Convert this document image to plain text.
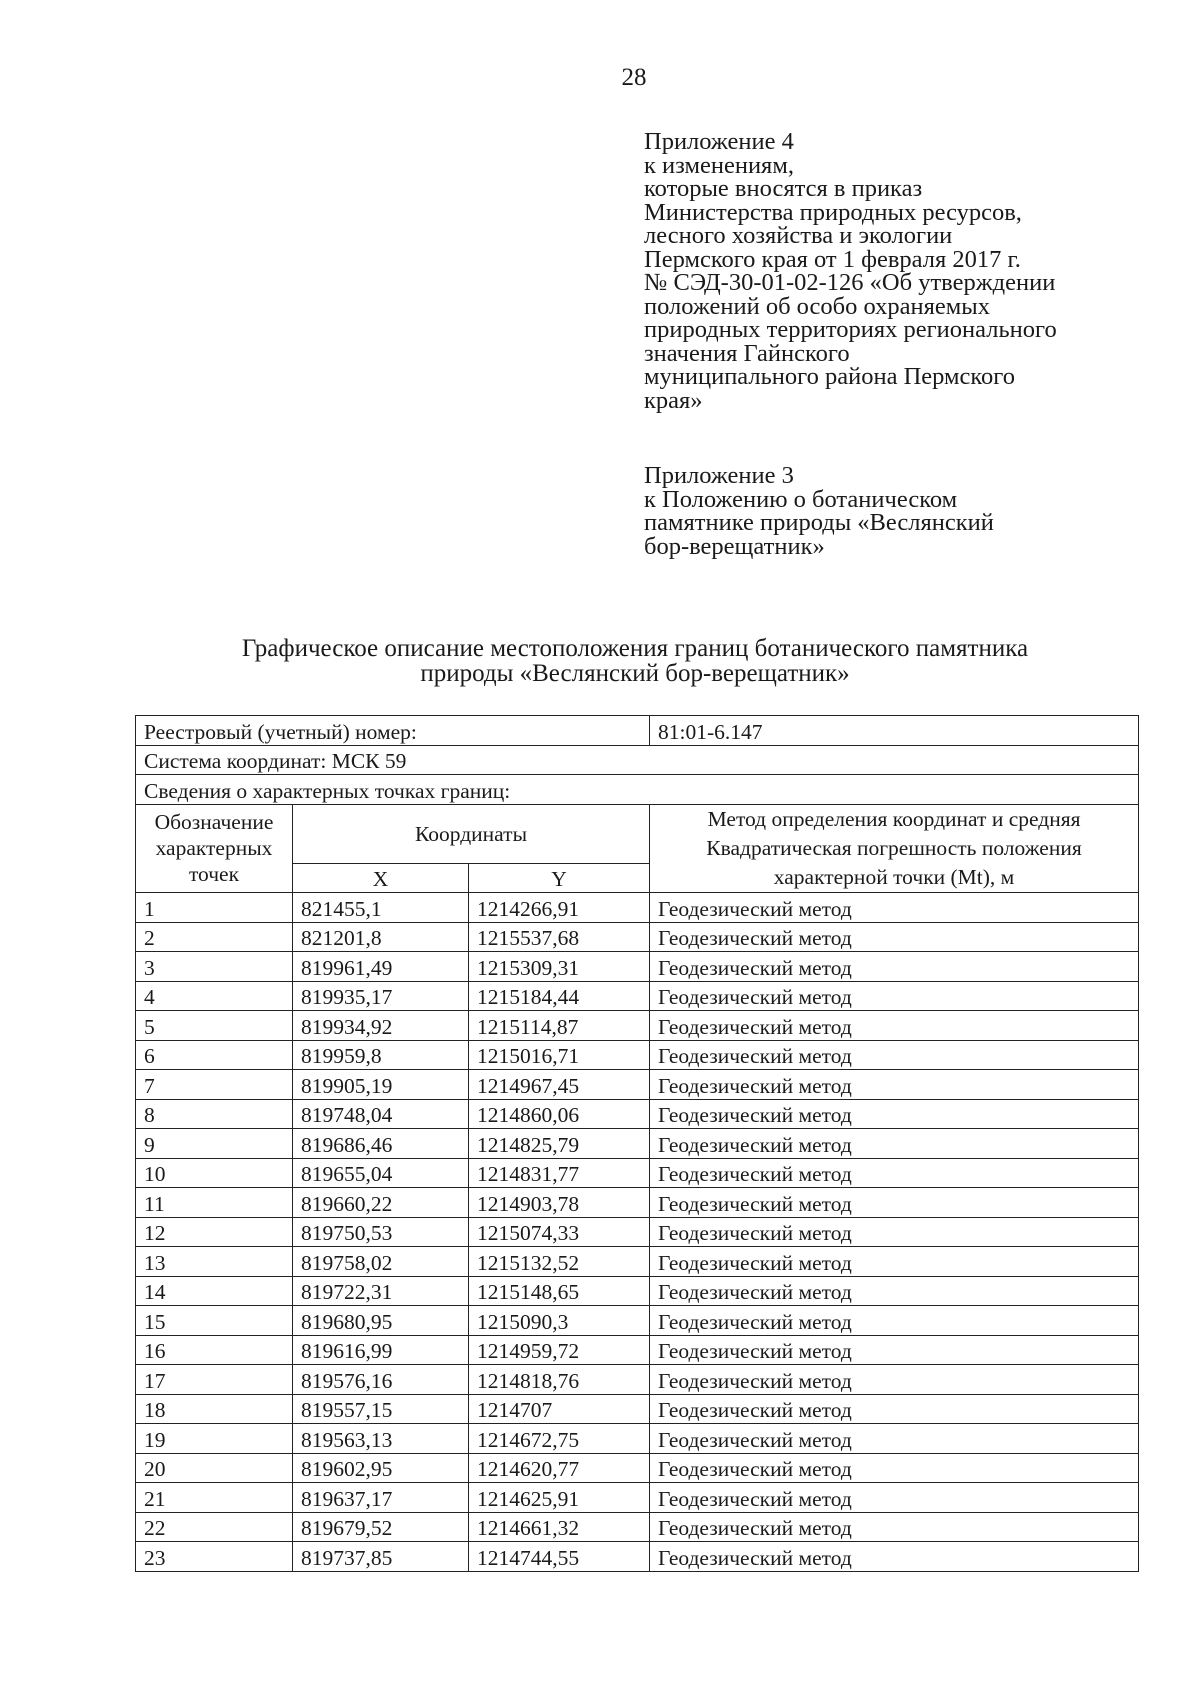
28
Приложение 4
к изменениям,
которые вносятся в приказ
Министерства природных ресурсов,
лесного хозяйства и экологии
Пермского края от 1 февраля 2017 г.
№ СЭД-30-01-02-126 «Об утверждении
положений об особо охраняемых
природных территориях регионального
значения Гайнского
муниципального района Пермского
края»
Приложение 3
к Положению о ботаническом
памятнике природы «Веслянский
бор-верещатник»
Графическое описание местоположения границ ботанического памятника
природы «Веслянский бор-верещатник»
Реестровый (учетный) номер:			81:01-6.147
Система координат: МСК 59			
Сведения о характерных точках границ:			

Обозначение
характерных
точек	Координаты		Метод определения координат и средняя
Квадратическая погрешность положения
характерной точки (Mt), м

	X	Y	
1	821455,1	1214266,91	Геодезический метод
2	821201,8	1215537,68	Геодезический метод
3	819961,49	1215309,31	Геодезический метод
4	819935,17	1215184,44	Геодезический метод
5	819934,92	1215114,87	Геодезический метод
6	819959,8	1215016,71	Геодезический метод
7	819905,19	1214967,45	Геодезический метод
8	819748,04	1214860,06	Геодезический метод
9	819686,46	1214825,79	Геодезический метод
10	819655,04	1214831,77	Геодезический метод
11	819660,22	1214903,78	Геодезический метод
12	819750,53	1215074,33	Геодезический метод
13	819758,02	1215132,52	Геодезический метод
14	819722,31	1215148,65	Геодезический метод
15	819680,95	1215090,3	Геодезический метод
16	819616,99	1214959,72	Геодезический метод
17	819576,16	1214818,76	Геодезический метод
18	819557,15	1214707	Геодезический метод
19	819563,13	1214672,75	Геодезический метод
20	819602,95	1214620,77	Геодезический метод
21	819637,17	1214625,91	Геодезический метод
22	819679,52	1214661,32	Геодезический метод
23	819737,85	1214744,55	Геодезический метод
